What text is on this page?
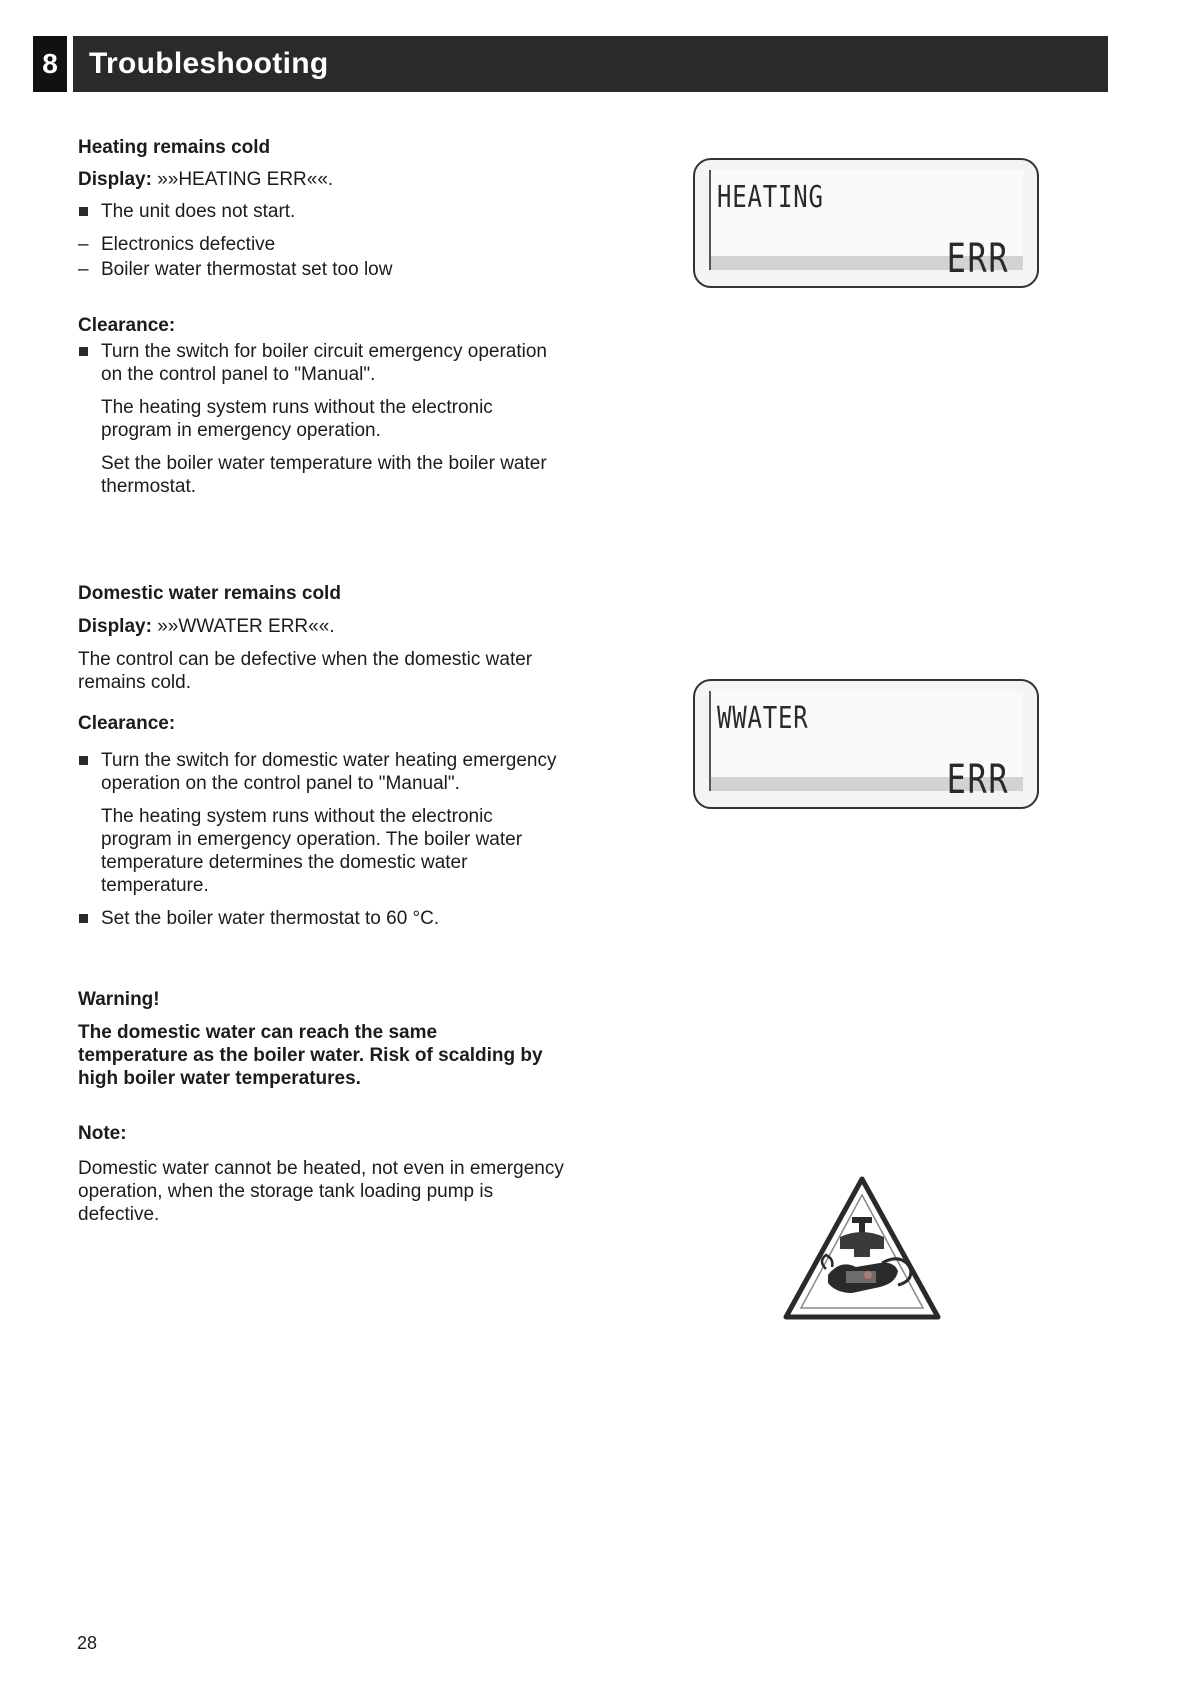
8	Troubleshooting

Heating remains cold

Display: »»HEATING ERR««.

The unit does not start.

– Electronics defective

– Boiler water thermostat set too low

Clearance:

Turn the switch for boiler circuit emergency operation on the control panel to "Manual".

The heating system runs without the electronic program in emergency operation.

Set the boiler water temperature with the boiler water thermostat.

Domestic water remains cold

Display: »»WWATER ERR««.

The control can be defective when the domestic water remains cold.

Clearance:

Turn the switch for domestic water heating emergency operation on the control panel to "Manual".

The heating system runs without the electronic program in emergency operation. The boiler water temperature determines the domestic water temperature.

Set the boiler water thermostat to 60 °C.

Warning!

The domestic water can reach the same temperature as the boiler water. Risk of scalding by high boiler water temperatures.

Note:

Domestic water cannot be heated, not even in emergency operation, when the storage tank loading pump is defective.

HEATING
ERR
WWATER
ERR
28
